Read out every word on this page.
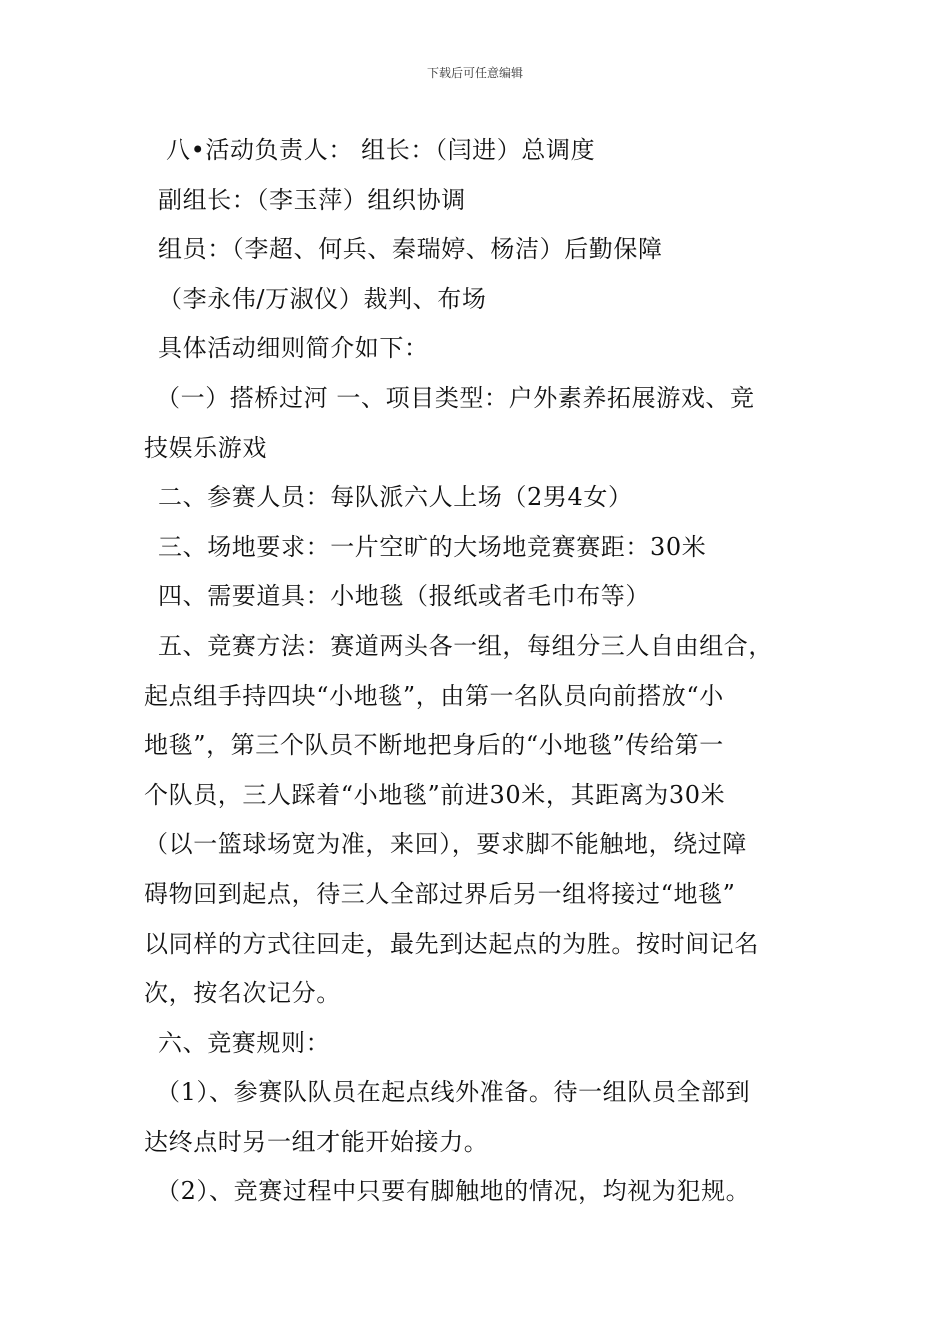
下载后可任意编辑
八•活动负责人： 组长：（闫进）总调度
副组长：（李玉萍）组织协调
组员：（李超、何兵、秦瑞婷、杨洁）后勤保障
（李永伟/万淑仪）裁判、布场
具体活动细则简介如下：
（一）搭桥过河 一、项目类型：户外素养拓展游戏、竞
技娱乐游戏
二、参赛人员：每队派六人上场（2男4女）
三、场地要求：一片空旷的大场地竞赛赛距：30米
四、需要道具：小地毯（报纸或者毛巾布等）
五、竞赛方法：赛道两头各一组，每组分三人自由组合，
起点组手持四块“小地毯”，由第一名队员向前搭放“小
地毯”，第三个队员不断地把身后的“小地毯”传给第一
个队员，三人踩着“小地毯”前进30米，其距离为30米
（以一篮球场宽为准，来回），要求脚不能触地，绕过障
碍物回到起点，待三人全部过界后另一组将接过“地毯”
以同样的方式往回走，最先到达起点的为胜。按时间记名
次，按名次记分。
六、竞赛规则：
（1）、参赛队队员在起点线外准备。待一组队员全部到
达终点时另一组才能开始接力。
（2）、竞赛过程中只要有脚触地的情况，均视为犯规。
